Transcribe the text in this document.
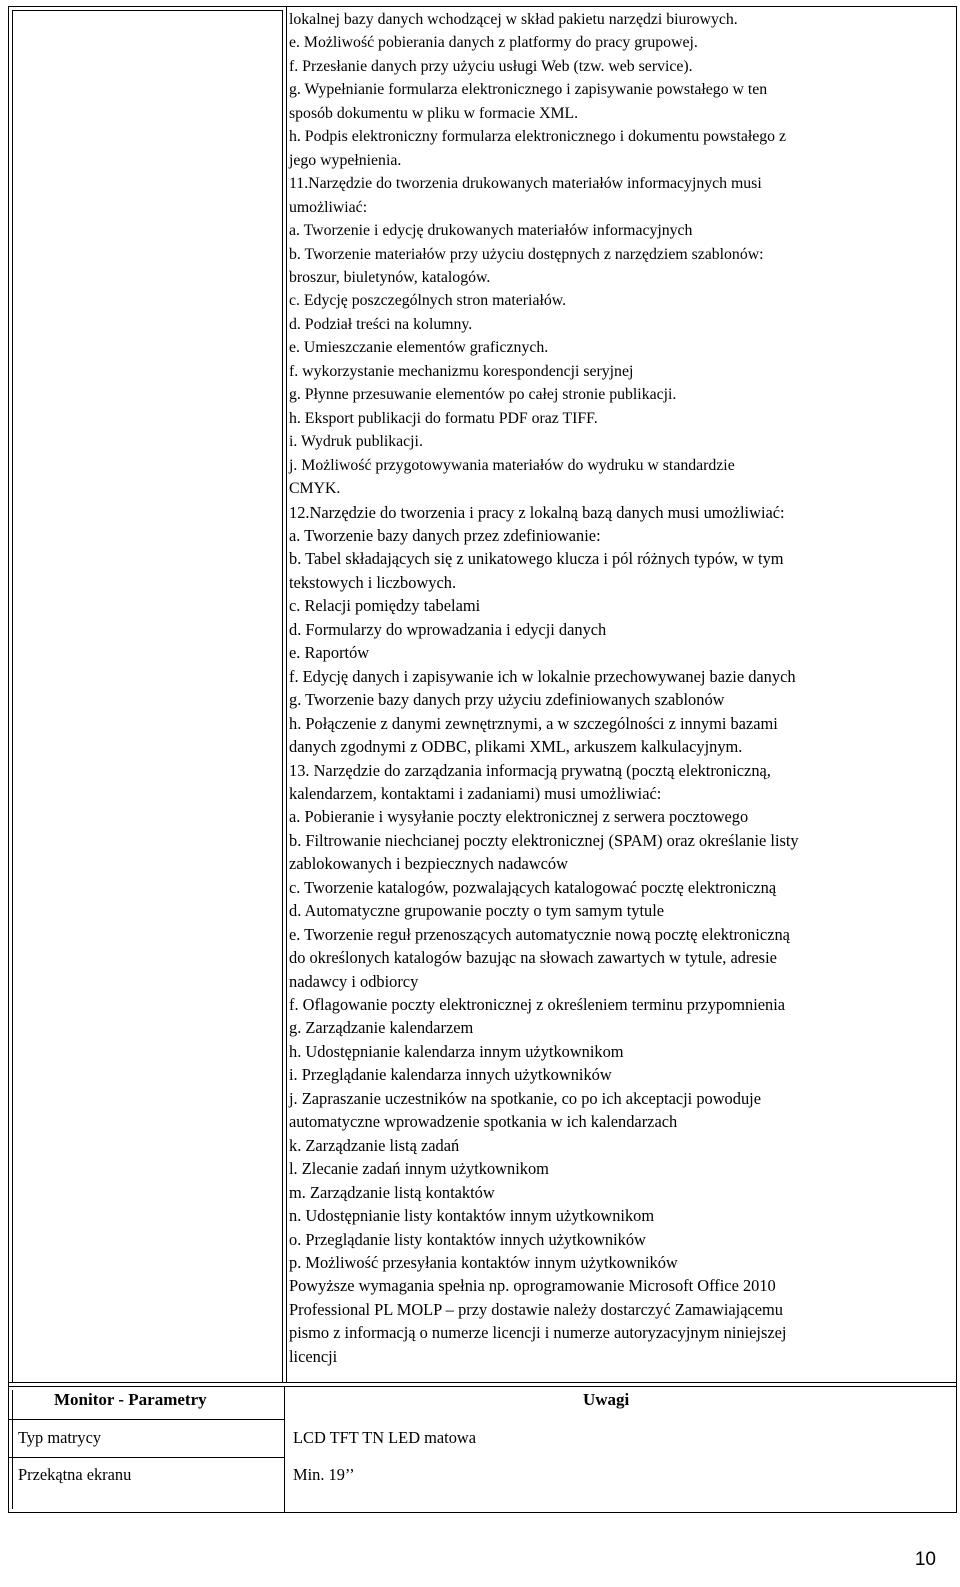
lokalnej bazy danych wchodzącej w skład pakietu narzędzi biurowych.
e. Możliwość pobierania danych z platformy do pracy grupowej.
f. Przesłanie danych przy użyciu usługi Web (tzw. web service).
g. Wypełnianie formularza elektronicznego i zapisywanie powstałego w ten
sposób dokumentu w pliku w formacie XML.
h. Podpis elektroniczny formularza elektronicznego i dokumentu powstałego z
jego wypełnienia.
11.Narzędzie do tworzenia drukowanych materiałów informacyjnych musi
umożliwiać:
a. Tworzenie i edycję drukowanych materiałów informacyjnych
b. Tworzenie materiałów przy użyciu dostępnych z narzędziem szablonów:
broszur, biuletynów, katalogów.
c. Edycję poszczególnych stron materiałów.
d. Podział treści na kolumny.
e. Umieszczanie elementów graficznych.
f. wykorzystanie mechanizmu korespondencji seryjnej
g. Płynne przesuwanie elementów po całej stronie publikacji.
h. Eksport publikacji do formatu PDF oraz TIFF.
i. Wydruk publikacji.
j. Możliwość przygotowywania materiałów do wydruku w standardzie
CMYK.
12.Narzędzie do tworzenia i pracy z lokalną bazą danych musi umożliwiać:
a. Tworzenie bazy danych przez zdefiniowanie:
b. Tabel składających się z unikatowego klucza i pól różnych typów, w tym
tekstowych i liczbowych.
c. Relacji pomiędzy tabelami
d. Formularzy do wprowadzania i edycji danych
e. Raportów
f. Edycję danych i zapisywanie ich w lokalnie przechowywanej bazie danych
g. Tworzenie bazy danych przy użyciu zdefiniowanych szablonów
h. Połączenie z danymi zewnętrznymi, a w szczególności z innymi bazami
danych zgodnymi z ODBC, plikami XML, arkuszem kalkulacyjnym.
13. Narzędzie do zarządzania informacją prywatną (pocztą elektroniczną,
kalendarzem, kontaktami i zadaniami) musi umożliwiać:
a. Pobieranie i wysyłanie poczty elektronicznej z serwera pocztowego
b. Filtrowanie niechcianej poczty elektronicznej (SPAM) oraz określanie listy
zablokowanych i bezpiecznych nadawców
c. Tworzenie katalogów, pozwalających katalogować pocztę elektroniczną
d. Automatyczne grupowanie poczty o tym samym tytule
e. Tworzenie reguł przenoszących automatycznie nową pocztę elektroniczną
do określonych katalogów bazując na słowach zawartych w tytule, adresie
nadawcy i odbiorcy
f. Oflagowanie poczty elektronicznej z określeniem terminu przypomnienia
g. Zarządzanie kalendarzem
h. Udostępnianie kalendarza innym użytkownikom
i. Przeglądanie kalendarza innych użytkowników
j. Zapraszanie uczestników na spotkanie, co po ich akceptacji powoduje
automatyczne wprowadzenie spotkania w ich kalendarzach
k. Zarządzanie listą zadań
l. Zlecanie zadań innym użytkownikom
m. Zarządzanie listą kontaktów
n. Udostępnianie listy kontaktów innym użytkownikom
o. Przeglądanie listy kontaktów innych użytkowników
p. Możliwość przesyłania kontaktów innym użytkowników
Powyższe wymagania spełnia np. oprogramowanie Microsoft Office 2010
Professional PL MOLP – przy dostawie należy dostarczyć Zamawiającemu
pismo z informacją o numerze licencji i numerze autoryzacyjnym niniejszej
licencji
Monitor - Parametry	Uwagi
Typ matrycy	LCD TFT TN LED matowa
Przekątna ekranu	Min. 19’’
10
